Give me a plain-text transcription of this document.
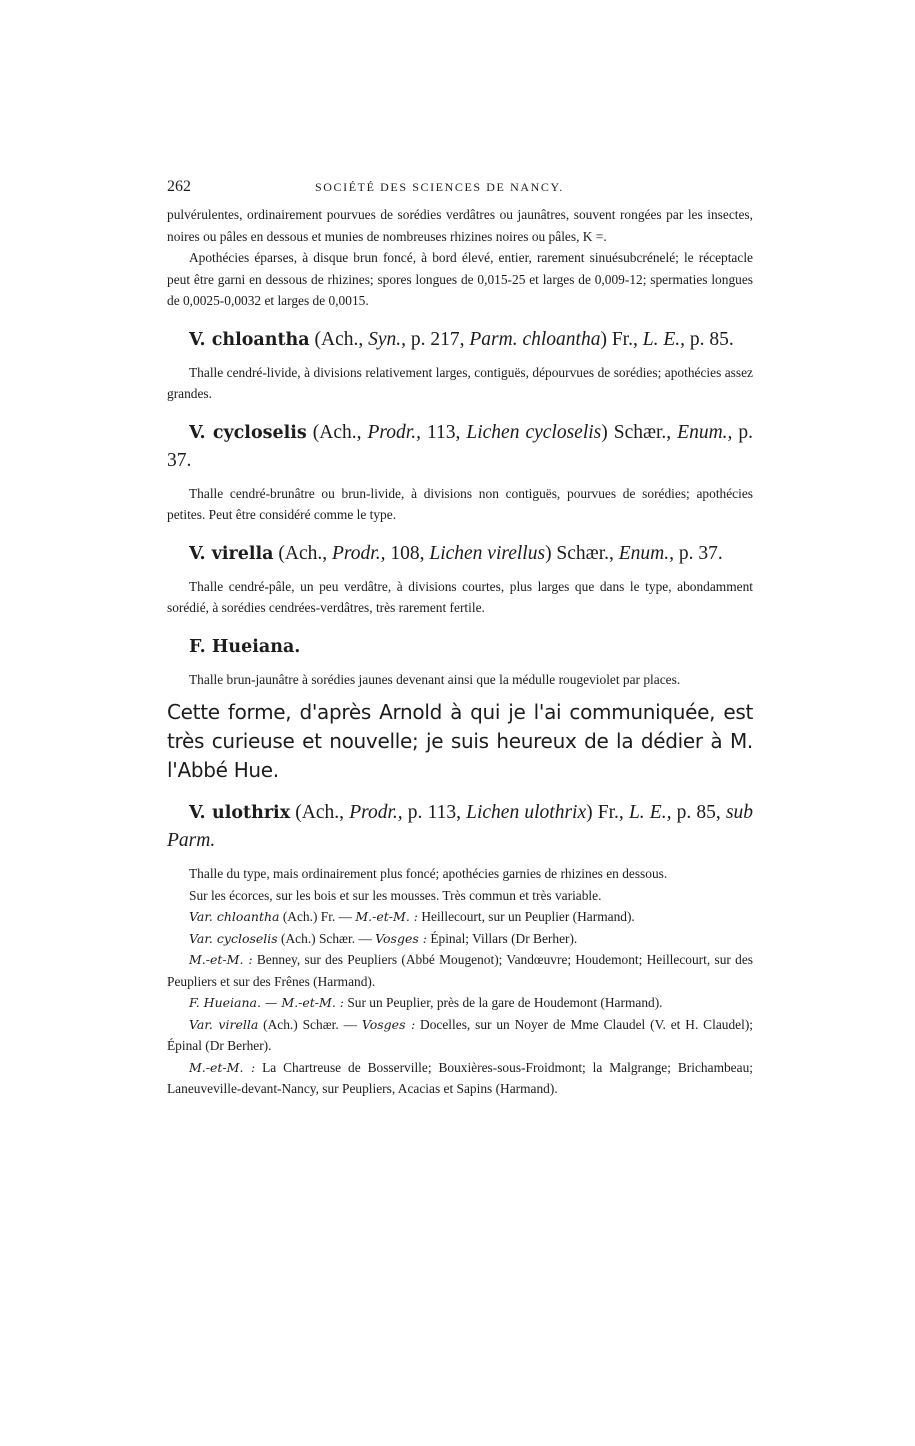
262	SOCIÉTÉ DES SCIENCES DE NANCY.

pulvérulentes, ordinairement pourvues de sorédies verdâtres ou jaunâtres, souvent rongées par les insectes, noires ou pâles en dessous et munies de nombreuses rhizines noires ou pâles, K =.

Apothécies éparses, à disque brun foncé, à bord élevé, entier, rarement sinuésubcrénelé; le réceptacle peut être garni en dessous de rhizines; spores longues de 0,015-25 et larges de 0,009-12; spermaties longues de 0,0025-0,0032 et larges de 0,0015.

V. chloantha (Ach., Syn., p. 217, Parm. chloantha) Fr., L. E., p. 85.

Thalle cendré-livide, à divisions relativement larges, contiguës, dépourvues de sorédies; apothécies assez grandes.

V. cycloselis (Ach., Prodr., 113, Lichen cycloselis) Schær., Enum., p. 37.

Thalle cendré-brunâtre ou brun-livide, à divisions non contiguës, pourvues de sorédies; apothécies petites. Peut être considéré comme le type.

V. virella (Ach., Prodr., 108, Lichen virellus) Schær., Enum., p. 37.

Thalle cendré-pâle, un peu verdâtre, à divisions courtes, plus larges que dans le type, abondamment sorédié, à sorédies cendrées-verdâtres, très rarement fertile.

F. Hueiana.

Thalle brun-jaunâtre à sorédies jaunes devenant ainsi que la médulle rougeviolet par places.

Cette forme, d'après Arnold à qui je l'ai communiquée, est très curieuse et nouvelle; je suis heureux de la dédier à M. l'Abbé Hue.

V. ulothrix (Ach., Prodr., p. 113, Lichen ulothrix) Fr., L. E., p. 85, sub Parm.

Thalle du type, mais ordinairement plus foncé; apothécies garnies de rhizines en dessous.

Sur les écorces, sur les bois et sur les mousses. Très commun et très variable.

Var. chloantha (Ach.) Fr. — M.-et-M. : Heillecourt, sur un Peuplier (Harmand).

Var. cycloselis (Ach.) Schær. — Vosges : Épinal; Villars (Dr Berher).

M.-et-M. : Benney, sur des Peupliers (Abbé Mougenot); Vandœuvre; Houdemont; Heillecourt, sur des Peupliers et sur des Frênes (Harmand).

F. Hueiana. — M.-et-M. : Sur un Peuplier, près de la gare de Houdemont (Harmand).

Var. virella (Ach.) Schær. — Vosges : Docelles, sur un Noyer de Mme Claudel (V. et H. Claudel); Épinal (Dr Berher).

M.-et-M. : La Chartreuse de Bosserville; Bouxières-sous-Froidmont; la Malgrange; Brichambeau; Laneuveville-devant-Nancy, sur Peupliers, Acacias et Sapins (Harmand).
